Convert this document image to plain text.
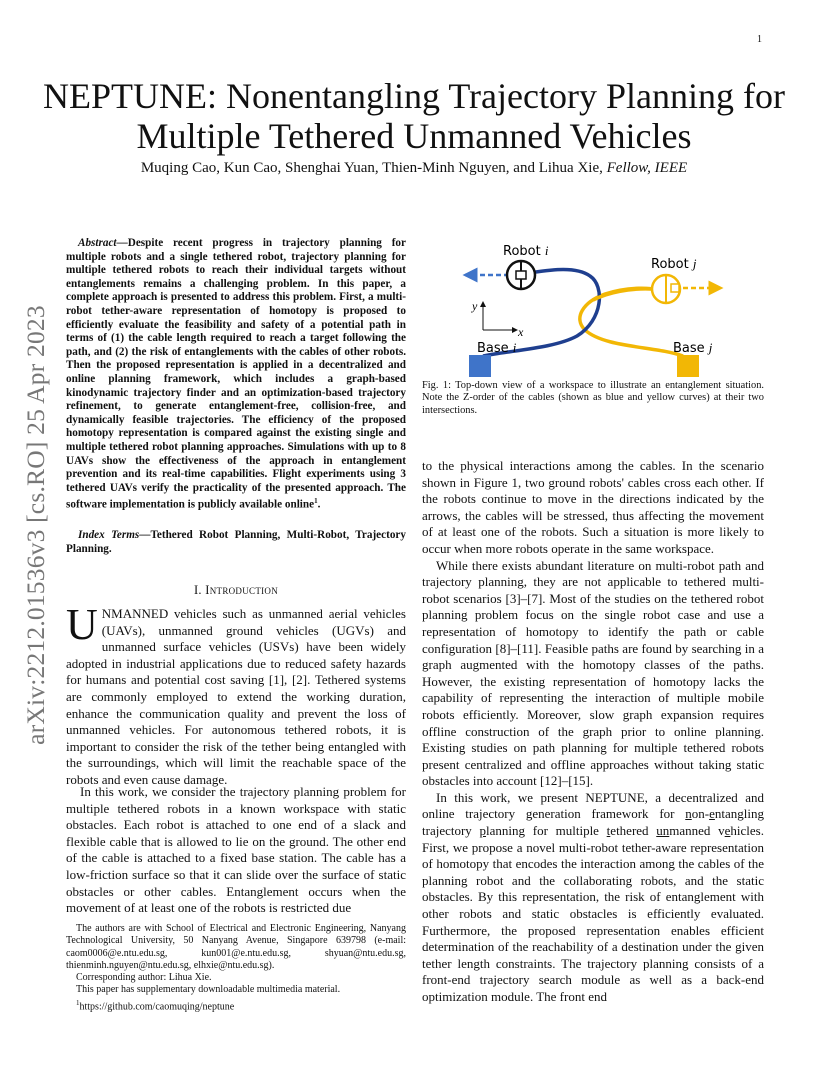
1
arXiv:2212.01536v3 [cs.RO] 25 Apr 2023
NEPTUNE: Nonentangling Trajectory Planning for
Multiple Tethered Unmanned Vehicles
Muqing Cao, Kun Cao, Shenghai Yuan, Thien-Minh Nguyen, and Lihua Xie, Fellow, IEEE
Abstract—Despite recent progress in trajectory planning for multiple robots and a single tethered robot, trajectory planning for multiple tethered robots to reach their individual targets without entanglements remains a challenging problem. In this paper, a complete approach is presented to address this problem. First, a multi-robot tether-aware representation of homotopy is proposed to efficiently evaluate the feasibility and safety of a potential path in terms of (1) the cable length required to reach a target following the path, and (2) the risk of entanglements with the cables of other robots. Then the proposed representation is applied in a decentralized and online planning framework, which includes a graph-based kinodynamic trajectory finder and an optimization-based trajectory refinement, to generate entanglement-free, collision-free, and dynamically feasible trajectories. The efficiency of the proposed homotopy representation is compared against the existing single and multiple tethered robot planning approaches. Simulations with up to 8 UAVs show the effectiveness of the approach in entanglement prevention and its real-time capabilities. Flight experiments using 3 tethered UAVs verify the practicality of the presented approach. The software implementation is publicly available online$^1$.
Index Terms—Tethered Robot Planning, Multi-Robot, Trajectory Planning.
I. Introduction
UNMANNED vehicles such as unmanned aerial vehicles (UAVs), unmanned ground vehicles (UGVs) and unmanned surface vehicles (USVs) have been widely adopted in industrial applications due to reduced safety hazards for humans and potential cost saving [1], [2]. Tethered systems are commonly employed to extend the working duration, enhance the communication quality and prevent the loss of unmanned vehicles. For autonomous tethered robots, it is important to consider the risk of the tether being entangled with the surroundings, which will limit the reachable space of the robots and even cause damage.
In this work, we consider the trajectory planning problem for multiple tethered robots in a known workspace with static obstacles. Each robot is attached to one end of a slack and flexible cable that is allowed to lie on the ground. The other end of the cable is attached to a fixed base station. The cable has a low-friction surface so that it can slide over the surface of static obstacles or other cables. Entanglement occurs when the movement of at least one of the robots is restricted due

The authors are with School of Electrical and Electronic Engineering, Nanyang Technological University, 50 Nanyang Avenue, Singapore 639798 (e-mail: caom0006@e.ntu.edu.sg, kun001@e.ntu.edu.sg, shyuan@ntu.edu.sg, thienminh.nguyen@ntu.edu.sg, elhxie@ntu.edu.sg).

Corresponding author: Lihua Xie.

This paper has supplementary downloadable multimedia material.

$^1$https://github.com/caomuqing/neptune

y
x
Robot i
Robot j
Base i	Base j
Fig. 1: Top-down view of a workspace to illustrate an entanglement situation. Note the Z-order of the cables (shown as blue and yellow curves) at their two intersections.

to the physical interactions among the cables. In the scenario shown in Figure 1, two ground robots' cables cross each other. If the robots continue to move in the directions indicated by the arrows, the cables will be stressed, thus affecting the movement of at least one of the robots. Such a situation is more likely to occur when more robots operate in the same workspace.

While there exists abundant literature on multi-robot path and trajectory planning, they are not applicable to tethered multi-robot scenarios [3]–[7]. Most of the studies on the tethered robot planning problem focus on the single robot case and use a representation of homotopy to identify the path or cable configuration [8]–[11]. Feasible paths are found by searching in a graph augmented with the homotopy classes of the paths. However, the existing representation of homotopy lacks the capability of representing the interaction of multiple mobile robots efficiently. Moreover, slow graph expansion requires offline construction of the graph prior to online planning. Existing studies on path planning for multiple tethered robots present centralized and offline approaches without taking static obstacles into account [12]–[15].

In this work, we present NEPTUNE, a decentralized and online trajectory generation framework for non-entangling trajectory planning for multiple tethered unmanned vehicles. First, we propose a novel multi-robot tether-aware representation of homotopy that encodes the interaction among the cables of the planning robot and the collaborating robots, and the static obstacles. By this representation, the risk of entanglement with other robots and static obstacles is efficiently evaluated. Furthermore, the proposed representation enables efficient determination of the reachability of a destination under the given tether length constraints. The trajectory planning consists of a front-end trajectory search module as well as a back-end optimization module. The front end
